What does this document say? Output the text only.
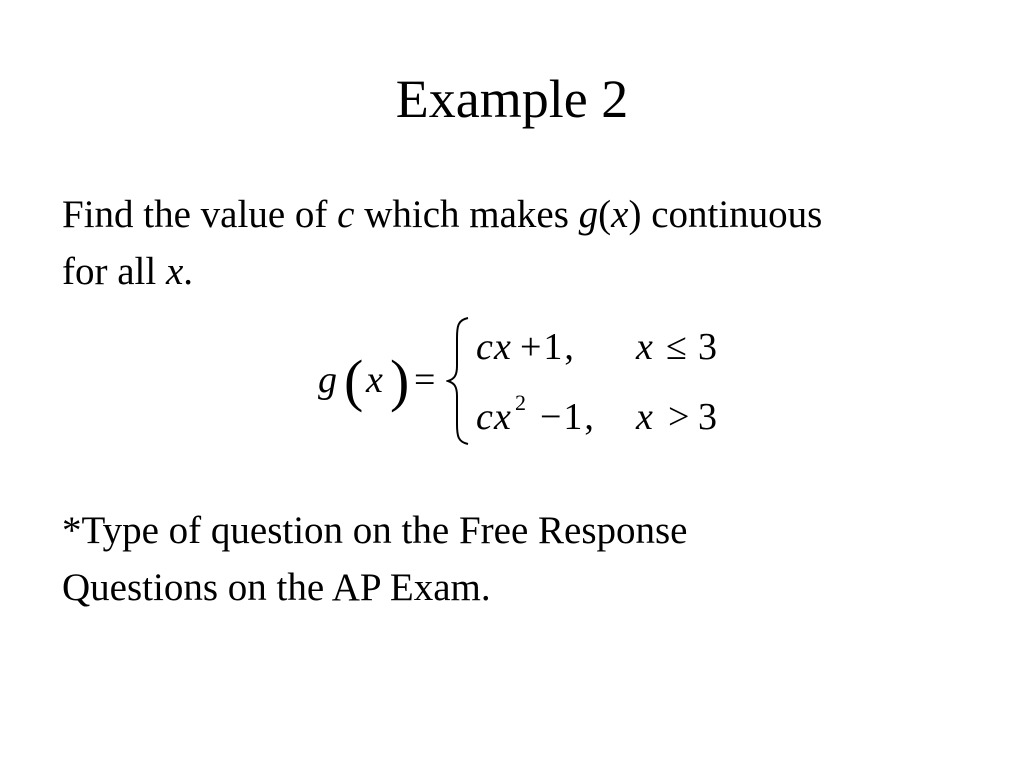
Example 2
Find the value of c which makes g(x) continuous
for all x.
g ( x ) =
c x +1, x ≤ 3
c x 2 −1, x > 3
*Type of question on the Free Response
Questions on the AP Exam.
